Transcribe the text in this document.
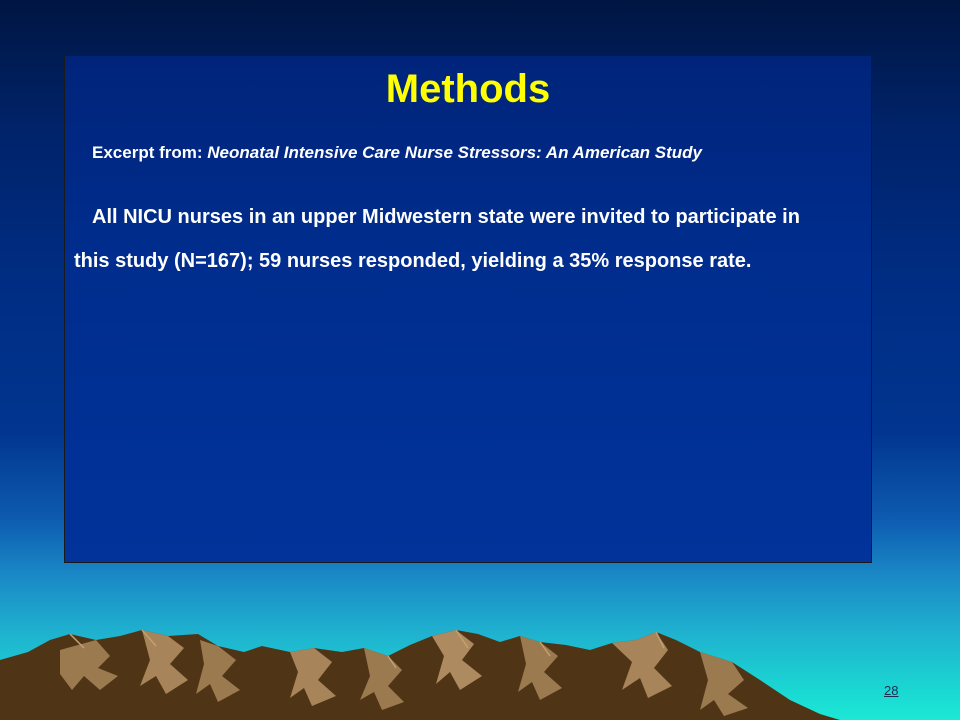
Methods
Excerpt from: Neonatal Intensive Care Nurse Stressors: An American Study

All NICU nurses in an upper Midwestern state were invited to participate in this study (N=167); 59 nurses responded, yielding a 35% response rate.

28
